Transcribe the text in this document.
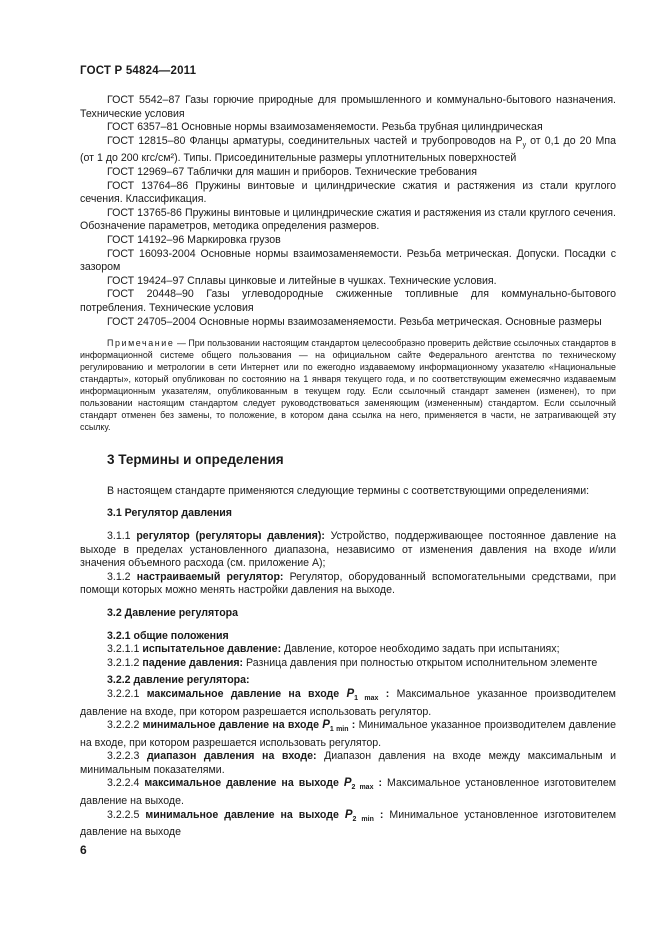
ГОСТ Р 54824—2011

ГОСТ 5542–87 Газы горючие природные для промышленного и коммунально-бытового назначения. Технические условия

ГОСТ 6357–81 Основные нормы взаимозаменяемости. Резьба трубная цилиндрическая

ГОСТ 12815–80 Фланцы арматуры, соединительных частей и трубопроводов на $Р_у$ от 0,1 до 20 Мпа (от 1 до 200 кгс/см²). Типы. Присоединительные размеры уплотнительных поверхностей

ГОСТ 12969–67 Таблички для машин и приборов. Технические требования

ГОСТ 13764–86 Пружины винтовые и цилиндрические сжатия и растяжения из стали круглого сечения. Классификация.

ГОСТ 13765-86 Пружины винтовые и цилиндрические сжатия и растяжения из стали круглого сечения. Обозначение параметров, методика определения размеров.

ГОСТ 14192–96 Маркировка грузов

ГОСТ 16093-2004 Основные нормы взаимозаменяемости. Резьба метрическая. Допуски. Посадки с зазором

ГОСТ 19424–97 Сплавы цинковые и литейные в чушках. Технические условия.

ГОСТ 20448–90 Газы углеводородные сжиженные топливные для коммунально-бытового потребления. Технические условия

ГОСТ 24705–2004 Основные нормы взаимозаменяемости. Резьба метрическая. Основные размеры

Примечание — При пользовании настоящим стандартом целесообразно проверить действие ссылочных стандартов в информационной системе общего пользования — на официальном сайте Федерального агентства по техническому регулированию и метрологии в сети Интернет или по ежегодно издаваемому информационному указателю «Национальные стандарты», который опубликован по состоянию на 1 января текущего года, и по соответствующим ежемесячно издаваемым информационным указателям, опубликованным в текущем году. Если ссылочный стандарт заменен (изменен), то при пользовании настоящим стандартом следует руководствоваться заменяющим (измененным) стандартом. Если ссылочный стандарт отменен без замены, то положение, в котором дана ссылка на него, применяется в части, не затрагивающей эту ссылку.

3 Термины и определения

В настоящем стандарте применяются следующие термины с соответствующими определениями:

3.1 Регулятор давления

3.1.1 регулятор (регуляторы давления): Устройство, поддерживающее постоянное давление на выходе в пределах установленного диапазона, независимо от изменения давления на входе и/или значения объемного расхода (см. приложение А);

3.1.2 настраиваемый регулятор: Регулятор, оборудованный вспомогательными средствами, при помощи которых можно менять настройки давления на выходе.

3.2 Давление регулятора

3.2.1 общие положения

3.2.1.1 испытательное давление: Давление, которое необходимо задать при испытаниях;

3.2.1.2 падение давления: Разница давления при полностью открытом исполнительном элементе

3.2.2 давление регулятора:

3.2.2.1 максимальное давление на входе $P_{1 max}$ : Максимальное указанное производителем давление на входе, при котором разрешается использовать регулятор.

3.2.2.2 минимальное давление на входе $P_{1 min}$ : Минимальное указанное производителем давление на входе, при котором разрешается использовать регулятор.

3.2.2.3 диапазон давления на входе: Диапазон давления на входе между максимальным и минимальным показателями.

3.2.2.4 максимальное давление на выходе $P_{2 max}$ : Максимальное установленное изготовителем давление на выходе.

3.2.2.5 минимальное давление на выходе $P_{2 min}$ : Минимальное установленное изготовителем давление на выходе

6
